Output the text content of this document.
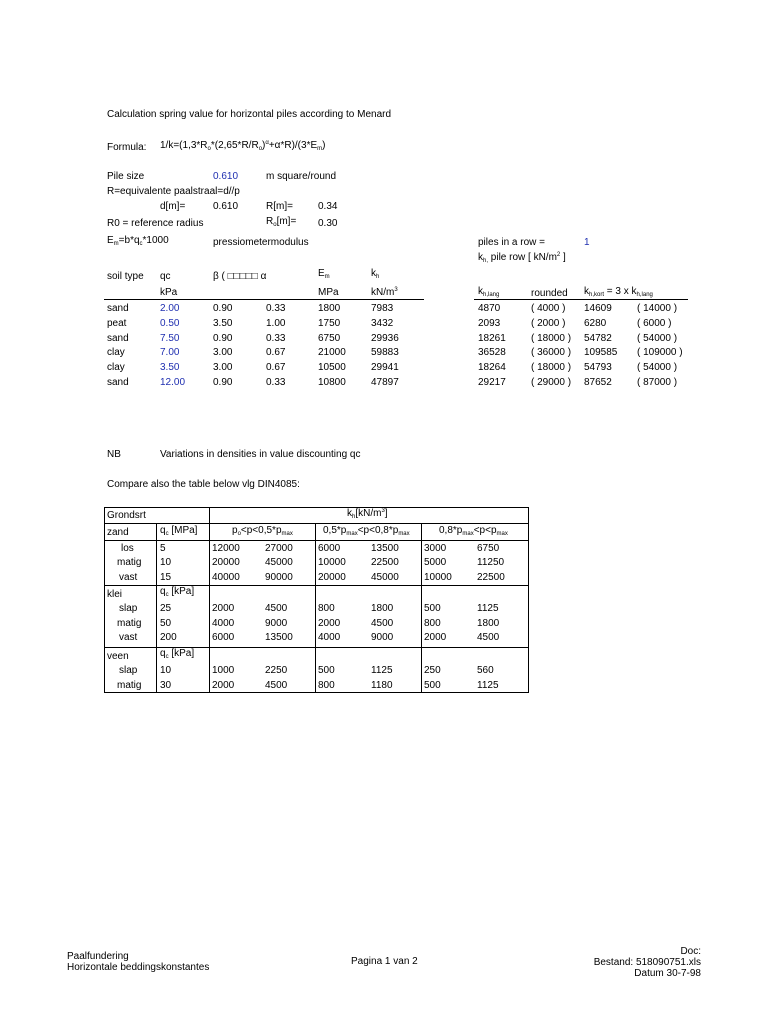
Calculation spring value for horizontal piles according to Menard
Formula: $1/k=(1,3*R_o*(2,65*R/R_o)^\alpha+\alpha*R)/(3*E_m)$
Pile size	0.610	m square/round
R=equivalente paalstraal=d//p
d[m]=	0.610	R[m]=	0.34
R0 = reference radius	$R_o[m]= 0.30$
$E_m=b*q_c*1000$	pressiometermodulus	piles in a row =	1
$k_{h,}$ pile row [ $kN/m^2$ ]
soil type qc	β ( □□□□□ α	$E_m$	$k_h$
kPa	MPa	$kN/m^3$	$k_{h,lang}$	rounded $k_{h,kort} = 3$ x $k_{h,lang}$
sand	2.00	0.90	0.33	1800	7983	4870	( 4000 ) 14609	( 14000 )
peat	0.50	3.50	1.00	1750	3432	2093	( 2000 ) 6280	( 6000 )
sand	7.50	0.90	0.33	6750	29936	18261	( 18000 ) 54782	( 54000 )
clay	7.00	3.00	0.67	21000	59883	36528	( 36000 ) 109585 ( 109000 )
clay	3.50	3.00	0.67	10500	29941	18264	( 18000 ) 54793	( 54000 )
sand	12.00	0.90	0.33	10800	47897	29217	( 29000 ) 87652	( 87000 )
NB	Variations in densities in value discounting qc
Compare also the table below vlg DIN4085:
Grondsrt	$k_h[kN/m^3]$
zand	$q_c$ [MPa]	$p_o<p<0,5*p_{max}$	$0,5*p_{max}<p<0,8*p_{max}$	$0,8*p_{max}<p<p_{max}$
los	5	12000	27000	6000	13500	3000	6750
matig 10	20000	45000	10000	22500	5000	11250
vast 15	40000	90000	20000	45000	10000	22500
klei	$q_c$ [kPa]
slap 25	2000	4500	800	1800	500	1125
matig 50	4000	9000	2000	4500	800	1800
vast 200	6000	13500	4000	9000	2000	4500
veen	$q_c$ [kPa]
slap 10	1000	2250	500	1125	250	560
matig 30	2000	4500	800	1180	500	1125
Paalfundering
Horizontale beddingskonstantes
Pagina 1 van 2
Doc:
Bestand: 518090751.xls
Datum 30-7-98
